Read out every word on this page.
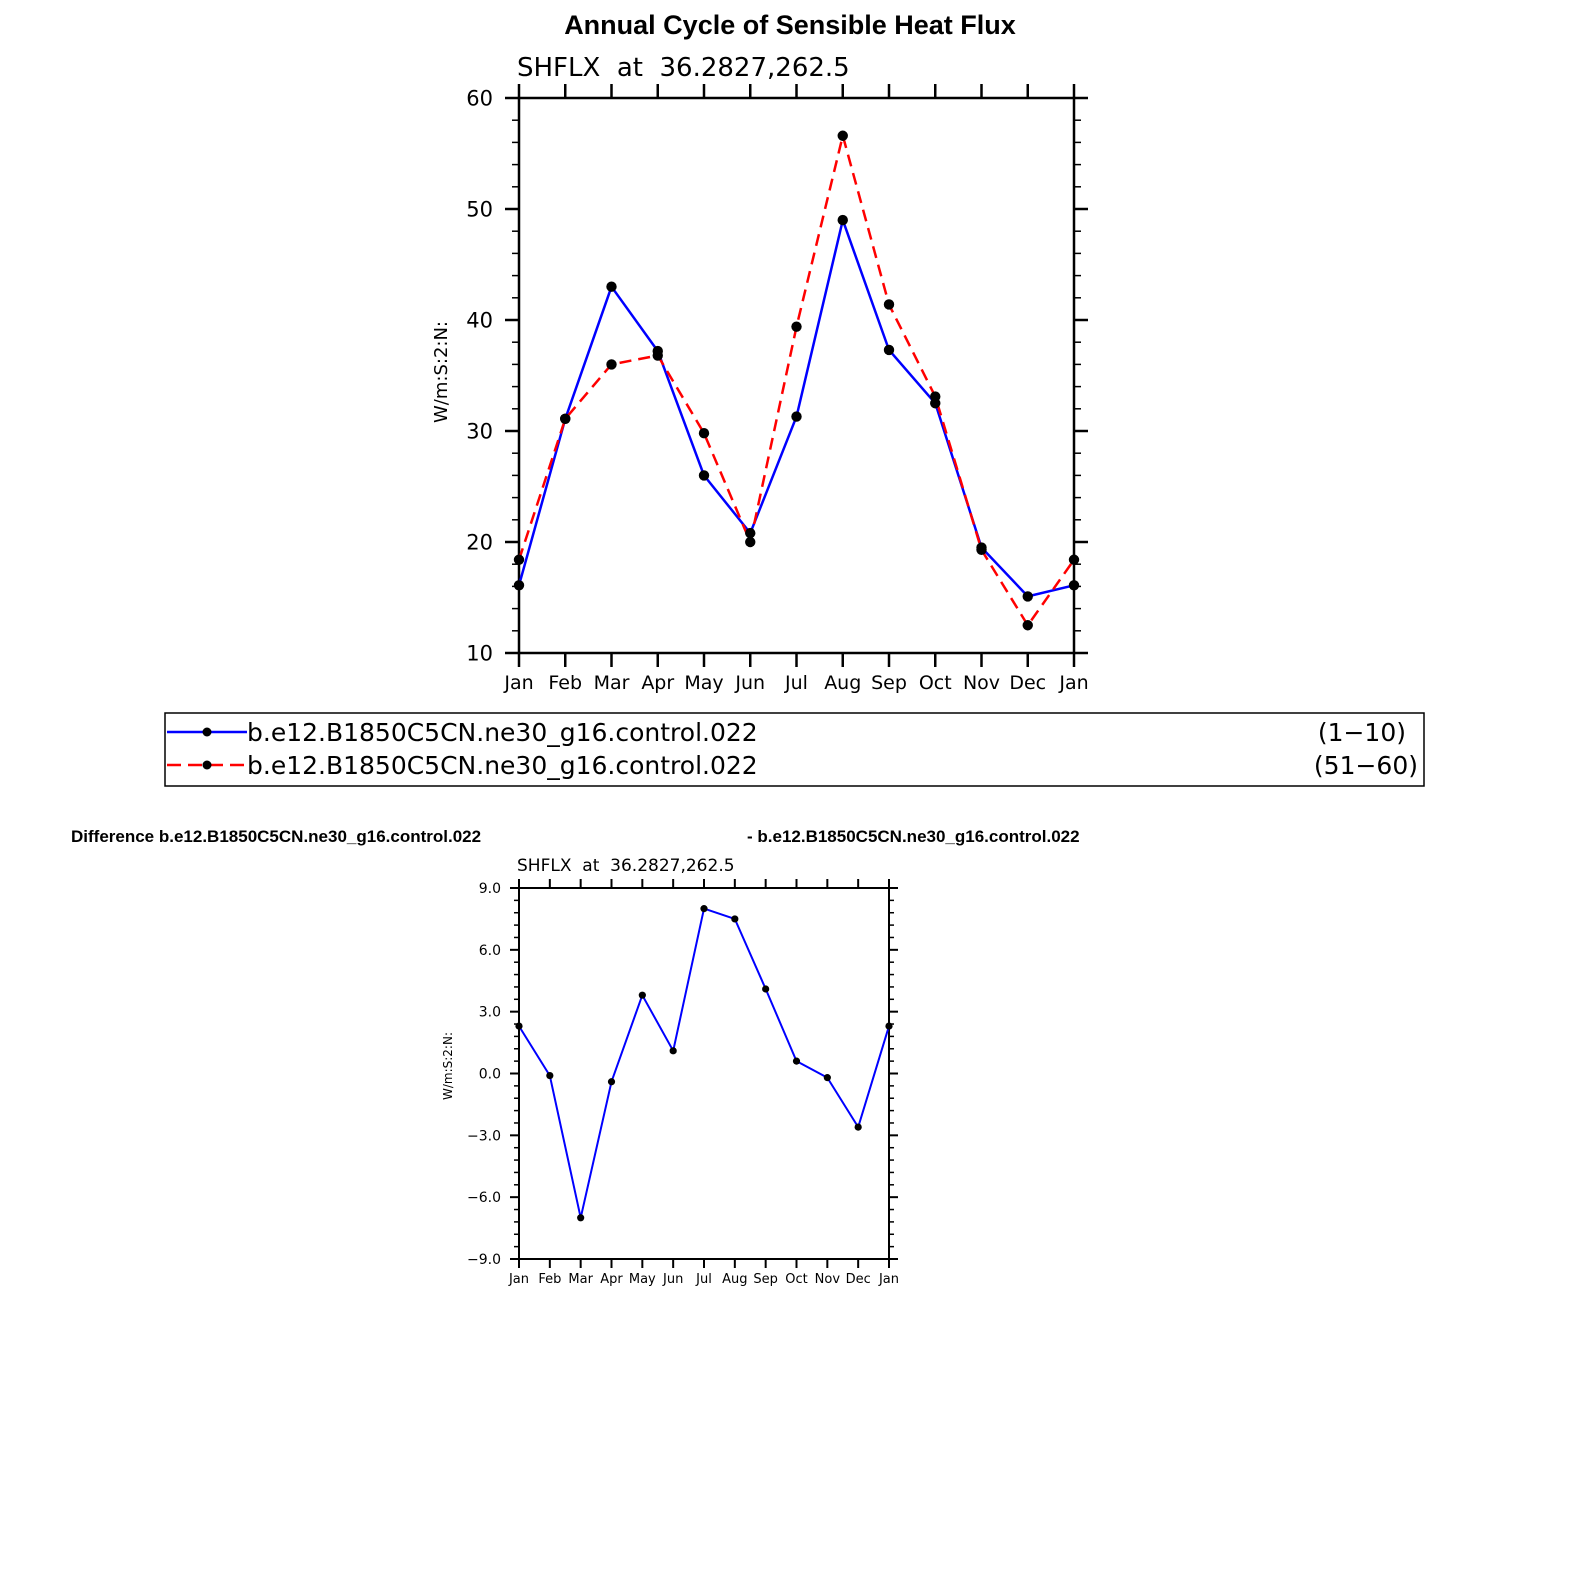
Annual Cycle of Sensible Heat Flux
SHFLX  at  36.2827,262.5
W/m:S:2:N:
10
20
30
40
50
60
Jan Feb Mar Apr May Jun Jul Aug Sep Oct Nov Dec Jan
b.e12.B1850C5CN.ne30_g16.control.022	(1−10)
b.e12.B1850C5CN.ne30_g16.control.022	(51−60)
Difference b.e12.B1850C5CN.ne30_g16.control.022	- b.e12.B1850C5CN.ne30_g16.control.022
SHFLX  at  36.2827,262.5
W/m:S:2:N:
−9.0
−6.0
−3.0
0.0
3.0
6.0
9.0
Jan Feb Mar Apr May Jun Jul Aug Sep Oct Nov Dec Jan
